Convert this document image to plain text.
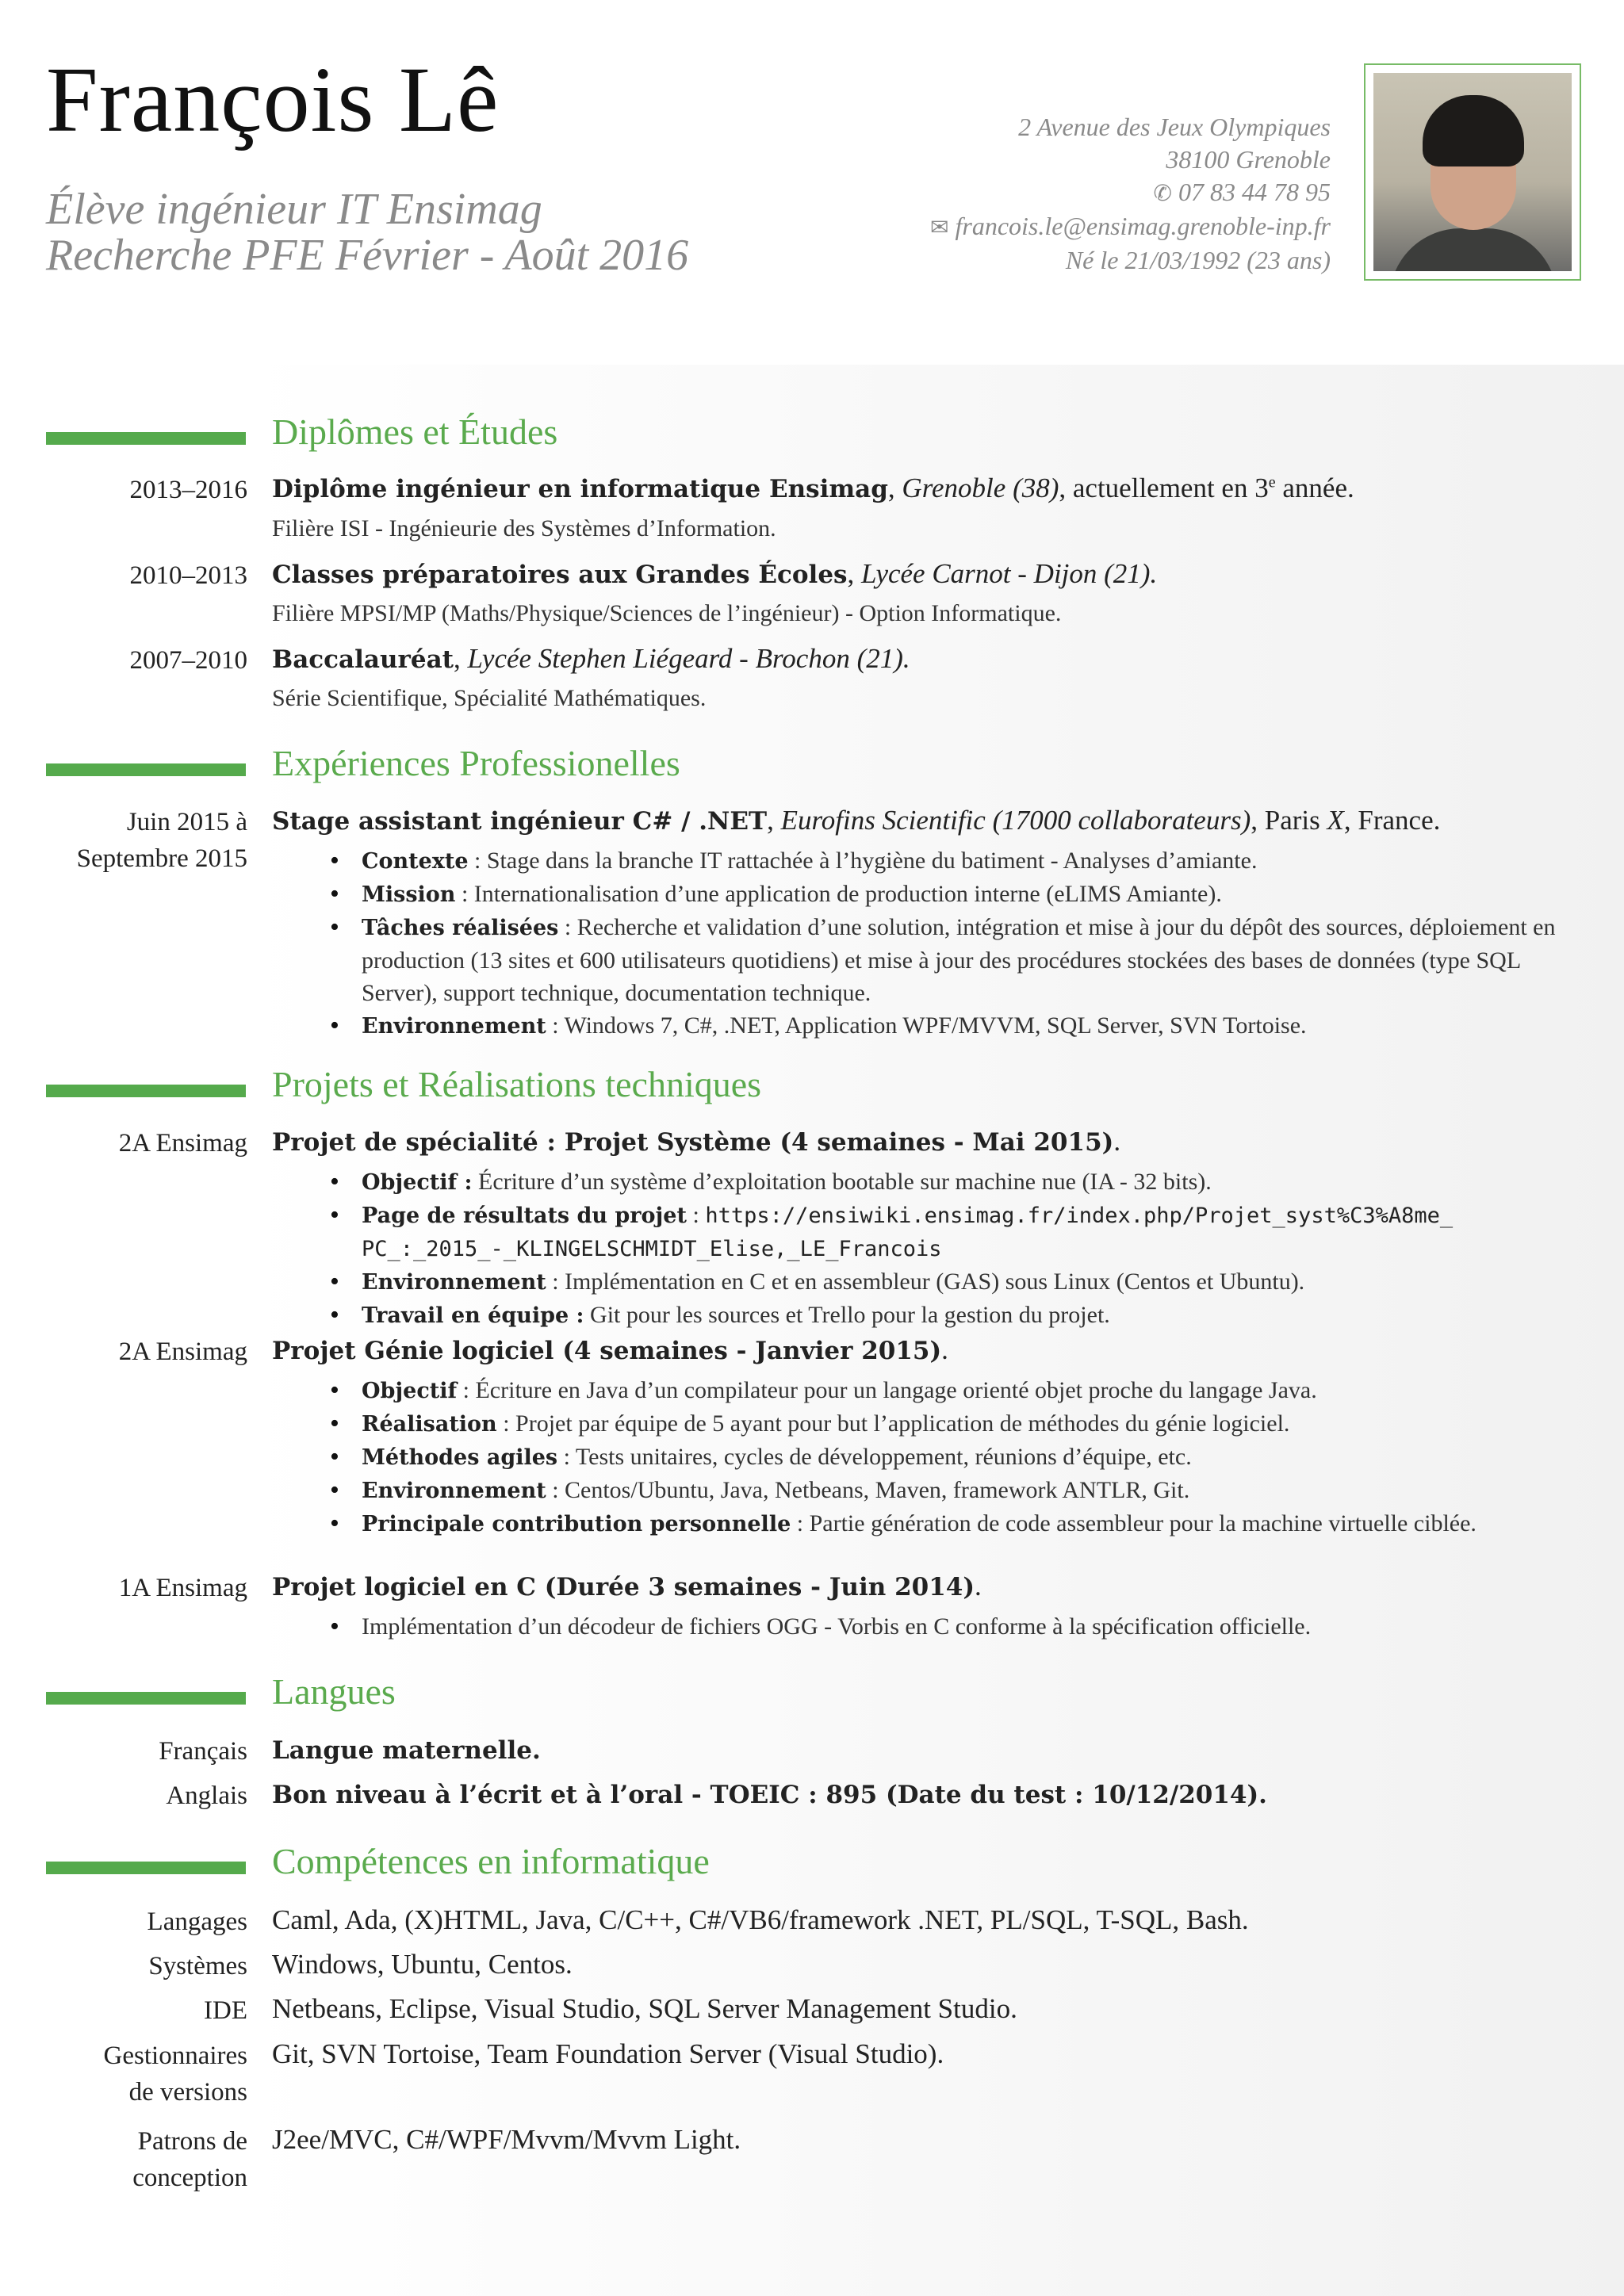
François Lê
Élève ingénieur IT Ensimag
Recherche PFE Février - Août 2016
2 Avenue des Jeux Olympiques
38100 Grenoble
✆ 07 83 44 78 95
✉ francois.le@ensimag.grenoble-inp.fr
Né le 21/03/1992 (23 ans)
Diplômes et Études
2013–2016 Diplôme ingénieur en informatique Ensimag, Grenoble (38), actuellement en 3e année.
Filière ISI - Ingénieurie des Systèmes d’Information.
2010–2013 Classes préparatoires aux Grandes Écoles, Lycée Carnot - Dijon (21).
Filière MPSI/MP (Maths/Physique/Sciences de l’ingénieur) - Option Informatique.
2007–2010 Baccalauréat, Lycée Stephen Liégeard - Brochon (21).
Série Scientifique, Spécialité Mathématiques.
Expériences Professionelles
Juin 2015 à
Septembre 2015
Stage assistant ingénieur C# / .NET, Eurofins Scientific (17000 collaborateurs), Paris X, France.
• Contexte : Stage dans la branche IT rattachée à l’hygiène du batiment - Analyses d’amiante.
• Mission : Internationalisation d’une application de production interne (eLIMS Amiante).
• Tâches réalisées : Recherche et validation d’une solution, intégration et mise à jour du dépôt des sources, déploiement en production (13 sites et 600 utilisateurs quotidiens) et mise à jour des procédures stockées des bases de données (type SQL Server), support technique, documentation technique.
• Environnement : Windows 7, C#, .NET, Application WPF/MVVM, SQL Server, SVN Tortoise.
Projets et Réalisations techniques
2A Ensimag Projet de spécialité : Projet Système (4 semaines - Mai 2015).
• Objectif : Écriture d’un système d’exploitation bootable sur machine nue (IA - 32 bits).
• Page de résultats du projet : https://ensiwiki.ensimag.fr/index.php/Projet_syst%C3%A8me_ PC_:_2015_-_KLINGELSCHMIDT_Elise,_LE_Francois
• Environnement : Implémentation en C et en assembleur (GAS) sous Linux (Centos et Ubuntu).
• Travail en équipe : Git pour les sources et Trello pour la gestion du projet.
2A Ensimag Projet Génie logiciel (4 semaines - Janvier 2015).
• Objectif : Écriture en Java d’un compilateur pour un langage orienté objet proche du langage Java.
• Réalisation : Projet par équipe de 5 ayant pour but l’application de méthodes du génie logiciel.
• Méthodes agiles : Tests unitaires, cycles de développement, réunions d’équipe, etc.
• Environnement : Centos/Ubuntu, Java, Netbeans, Maven, framework ANTLR, Git.
• Principale contribution personnelle : Partie génération de code assembleur pour la machine virtuelle ciblée.
1A Ensimag Projet logiciel en C (Durée 3 semaines - Juin 2014).
• Implémentation d’un décodeur de fichiers OGG - Vorbis en C conforme à la spécification officielle.
Langues
Français Langue maternelle.
Anglais Bon niveau à l’écrit et à l’oral - TOEIC : 895 (Date du test : 10/12/2014).
Compétences en informatique
Langages Caml, Ada, (X)HTML, Java, C/C++, C#/VB6/framework .NET, PL/SQL, T-SQL, Bash.
Systèmes Windows, Ubuntu, Centos.
IDE Netbeans, Eclipse, Visual Studio, SQL Server Management Studio.
Gestionnaires
de versions
Git, SVN Tortoise, Team Foundation Server (Visual Studio).
Patrons de
conception
J2ee/MVC, C#/WPF/Mvvm/Mvvm Light.
